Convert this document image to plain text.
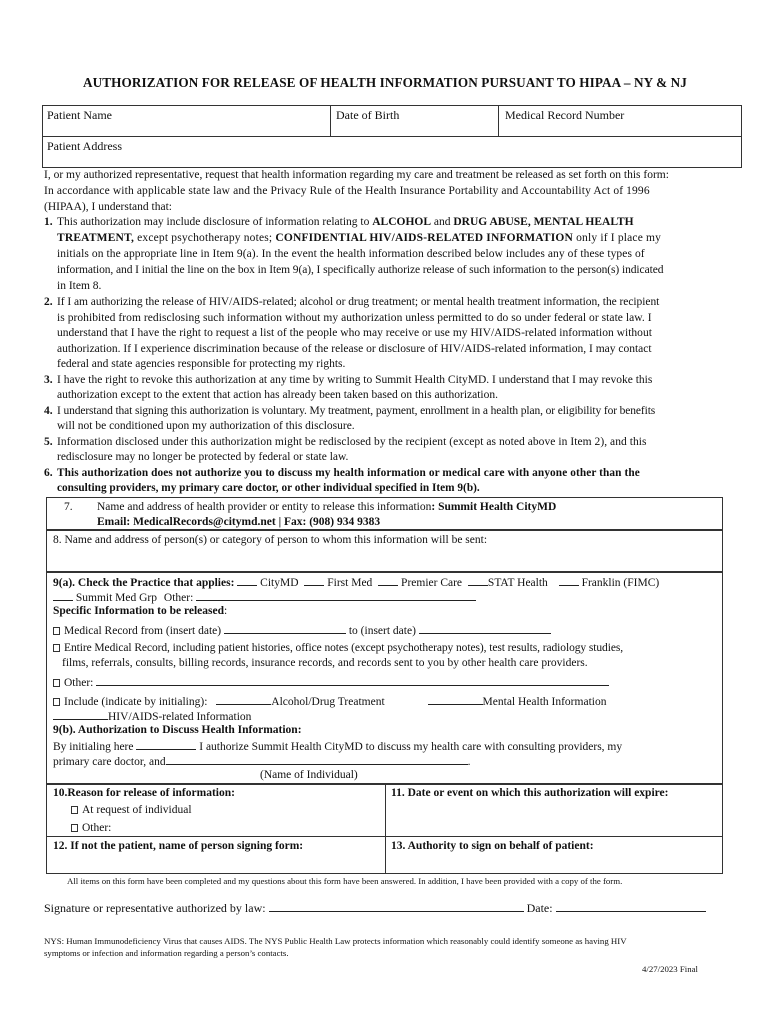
AUTHORIZATION FOR RELEASE OF HEALTH INFORMATION PURSUANT TO HIPAA – NY & NJ
Patient Name	Date of Birth	Medical Record Number
Patient Address
I, or my authorized representative, request that health information regarding my care and treatment be released as set forth on this form:
In accordance with applicable state law and the Privacy Rule of the Health Insurance Portability and Accountability Act of 1996
(HIPAA), I understand that:
1. This authorization may include disclosure of information relating to ALCOHOL and DRUG ABUSE, MENTAL HEALTH
TREATMENT, except psychotherapy notes; CONFIDENTIAL HIV/AIDS-RELATED INFORMATION only if I place my
initials on the appropriate line in Item 9(a). In the event the health information described below includes any of these types of
information, and I initial the line on the box in Item 9(a), I specifically authorize release of such information to the person(s) indicated
in Item 8.
2. If I am authorizing the release of HIV/AIDS-related; alcohol or drug treatment; or mental health treatment information, the recipient
is prohibited from redisclosing such information without my authorization unless permitted to do so under federal or state law. I
understand that I have the right to request a list of the people who may receive or use my HIV/AIDS-related information without
authorization. If I experience discrimination because of the release or disclosure of HIV/AIDS-related information, I may contact
federal and state agencies responsible for protecting my rights.
3. I have the right to revoke this authorization at any time by writing to Summit Health CityMD. I understand that I may revoke this
authorization except to the extent that action has already been taken based on this authorization.
4. I understand that signing this authorization is voluntary. My treatment, payment, enrollment in a health plan, or eligibility for benefits
will not be conditioned upon my authorization of this disclosure.
5. Information disclosed under this authorization might be redisclosed by the recipient (except as noted above in Item 2), and this
redisclosure may no longer be protected by federal or state law.
6. This authorization does not authorize you to discuss my health information or medical care with anyone other than the
consulting providers, my primary care doctor, or other individual specified in Item 9(b).
7. Name and address of health provider or entity to release this information: Summit Health CityMD
Email: MedicalRecords@citymd.net | Fax: (908) 934 9383
8. Name and address of person(s) or category of person to whom this information will be sent:
9(a). Check the Practice that applies: CityMD	First Med	Premier Care STAT Health	Franklin (FIMC)
Summit Med Grp Other:
Specific Information to be released:
Medical Record from (insert date)	to (insert date)
Entire Medical Record, including patient histories, office notes (except psychotherapy notes), test results, radiology studies,
films, referrals, consults, billing records, insurance records, and records sent to you by other health care providers.
Other:
Include (indicate by initialing):	Alcohol/Drug Treatment	Mental Health Information
HIV/AIDS-related Information
9(b). Authorization to Discuss Health Information:
By initialing here	I authorize Summit Health CityMD to discuss my health care with consulting providers, my
primary care doctor, and	.
(Name of Individual)
10.Reason for release of information:
At request of individual
Other:
11. Date or event on which this authorization will expire:
12. If not the patient, name of person signing form:	13. Authority to sign on behalf of patient:
All items on this form have been completed and my questions about this form have been answered. In addition, I have been provided with a copy of the form.
Signature or representative authorized by law:	Date:
NYS: Human Immunodeficiency Virus that causes AIDS. The NYS Public Health Law protects information which reasonably could identify someone as having HIV
symptoms or infection and information regarding a person’s contacts.
4/27/2023 Final
